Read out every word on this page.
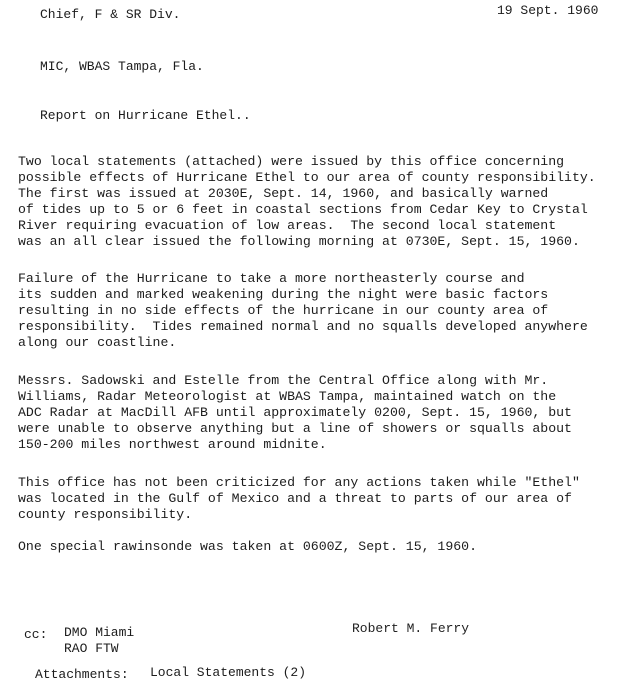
Chief, F & SR Div.	19 Sept. 1960
MIC, WBAS Tampa, Fla.
Report on Hurricane Ethel..
Two local statements (attached) were issued by this office concerning
possible effects of Hurricane Ethel to our area of county responsibility.
The first was issued at 2030E, Sept. 14, 1960, and basically warned
of tides up to 5 or 6 feet in coastal sections from Cedar Key to Crystal
River requiring evacuation of low areas.  The second local statement
was an all clear issued the following morning at 0730E, Sept. 15, 1960.
Failure of the Hurricane to take a more northeasterly course and
its sudden and marked weakening during the night were basic factors
resulting in no side effects of the hurricane in our county area of
responsibility.  Tides remained normal and no squalls developed anywhere
along our coastline.
Messrs. Sadowski and Estelle from the Central Office along with Mr.
Williams, Radar Meteorologist at WBAS Tampa, maintained watch on the
ADC Radar at MacDill AFB until approximately 0200, Sept. 15, 1960, but
were unable to observe anything but a line of showers or squalls about
150-200 miles northwest around midnite.
This office has not been criticized for any actions taken while "Ethel"
was located in the Gulf of Mexico and a threat to parts of our area of
county responsibility.
One special rawinsonde was taken at 0600Z, Sept. 15, 1960.
cc: DMO Miami
RAO FTW
Robert M. Ferry
Attachments: Local Statements (2)
